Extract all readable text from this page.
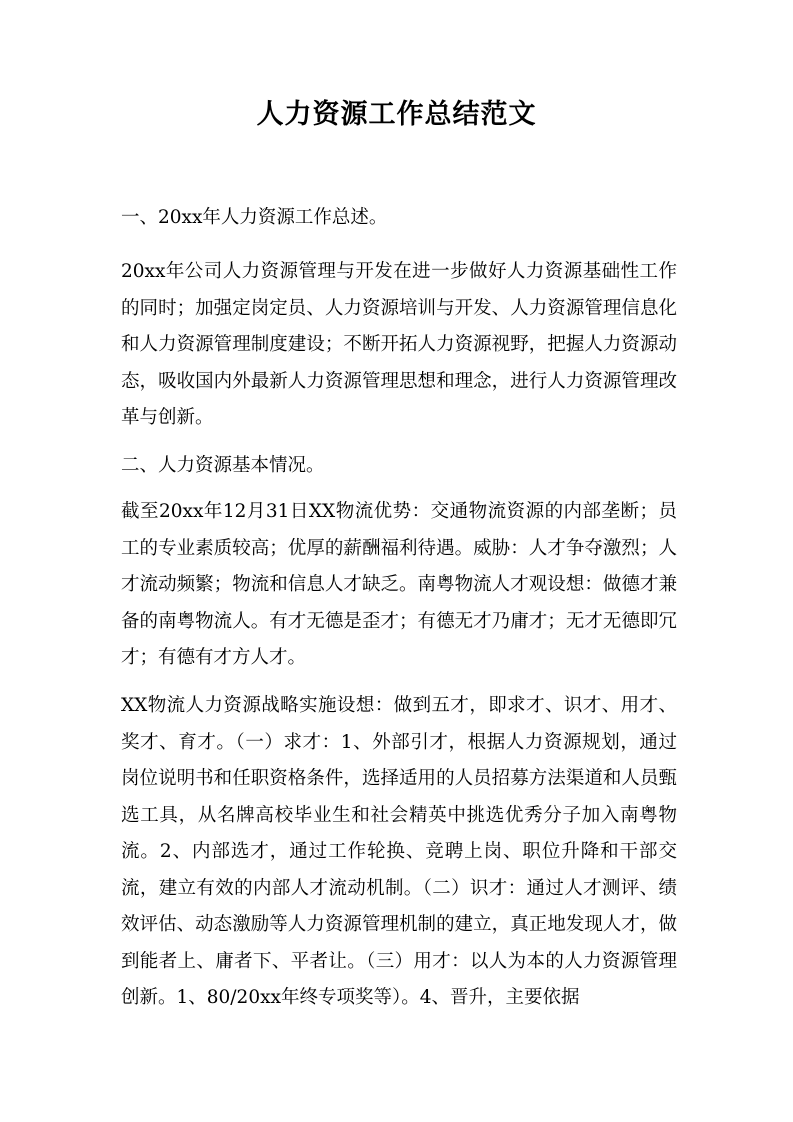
人力资源工作总结范文
一、20xx年人力资源工作总述。
20xx年公司人力资源管理与开发在进一步做好人力资源基础性工作的同时；加强定岗定员、人力资源培训与开发、人力资源管理信息化和人力资源管理制度建设；不断开拓人力资源视野，把握人力资源动态，吸收国内外最新人力资源管理思想和理念，进行人力资源管理改革与创新。
二、人力资源基本情况。
截至20xx年12月31日XX物流优势：交通物流资源的内部垄断；员工的专业素质较高；优厚的薪酬福利待遇。威胁：人才争夺激烈；人才流动频繁；物流和信息人才缺乏。南粤物流人才观设想：做德才兼备的南粤物流人。有才无德是歪才；有德无才乃庸才；无才无德即冗才；有德有才方人才。
XX物流人力资源战略实施设想：做到五才，即求才、识才、用才、奖才、育才。（一）求才：1、外部引才，根据人力资源规划，通过岗位说明书和任职资格条件，选择适用的人员招募方法渠道和人员甄选工具，从名牌高校毕业生和社会精英中挑选优秀分子加入南粤物流。2、内部选才，通过工作轮换、竞聘上岗、职位升降和干部交流，建立有效的内部人才流动机制。（二）识才：通过人才测评、绩效评估、动态激励等人力资源管理机制的建立，真正地发现人才，做到能者上、庸者下、平者让。（三）用才：以人为本的人力资源管理创新。1、80/20xx年终专项奖等）。4、晋升，主要依据
